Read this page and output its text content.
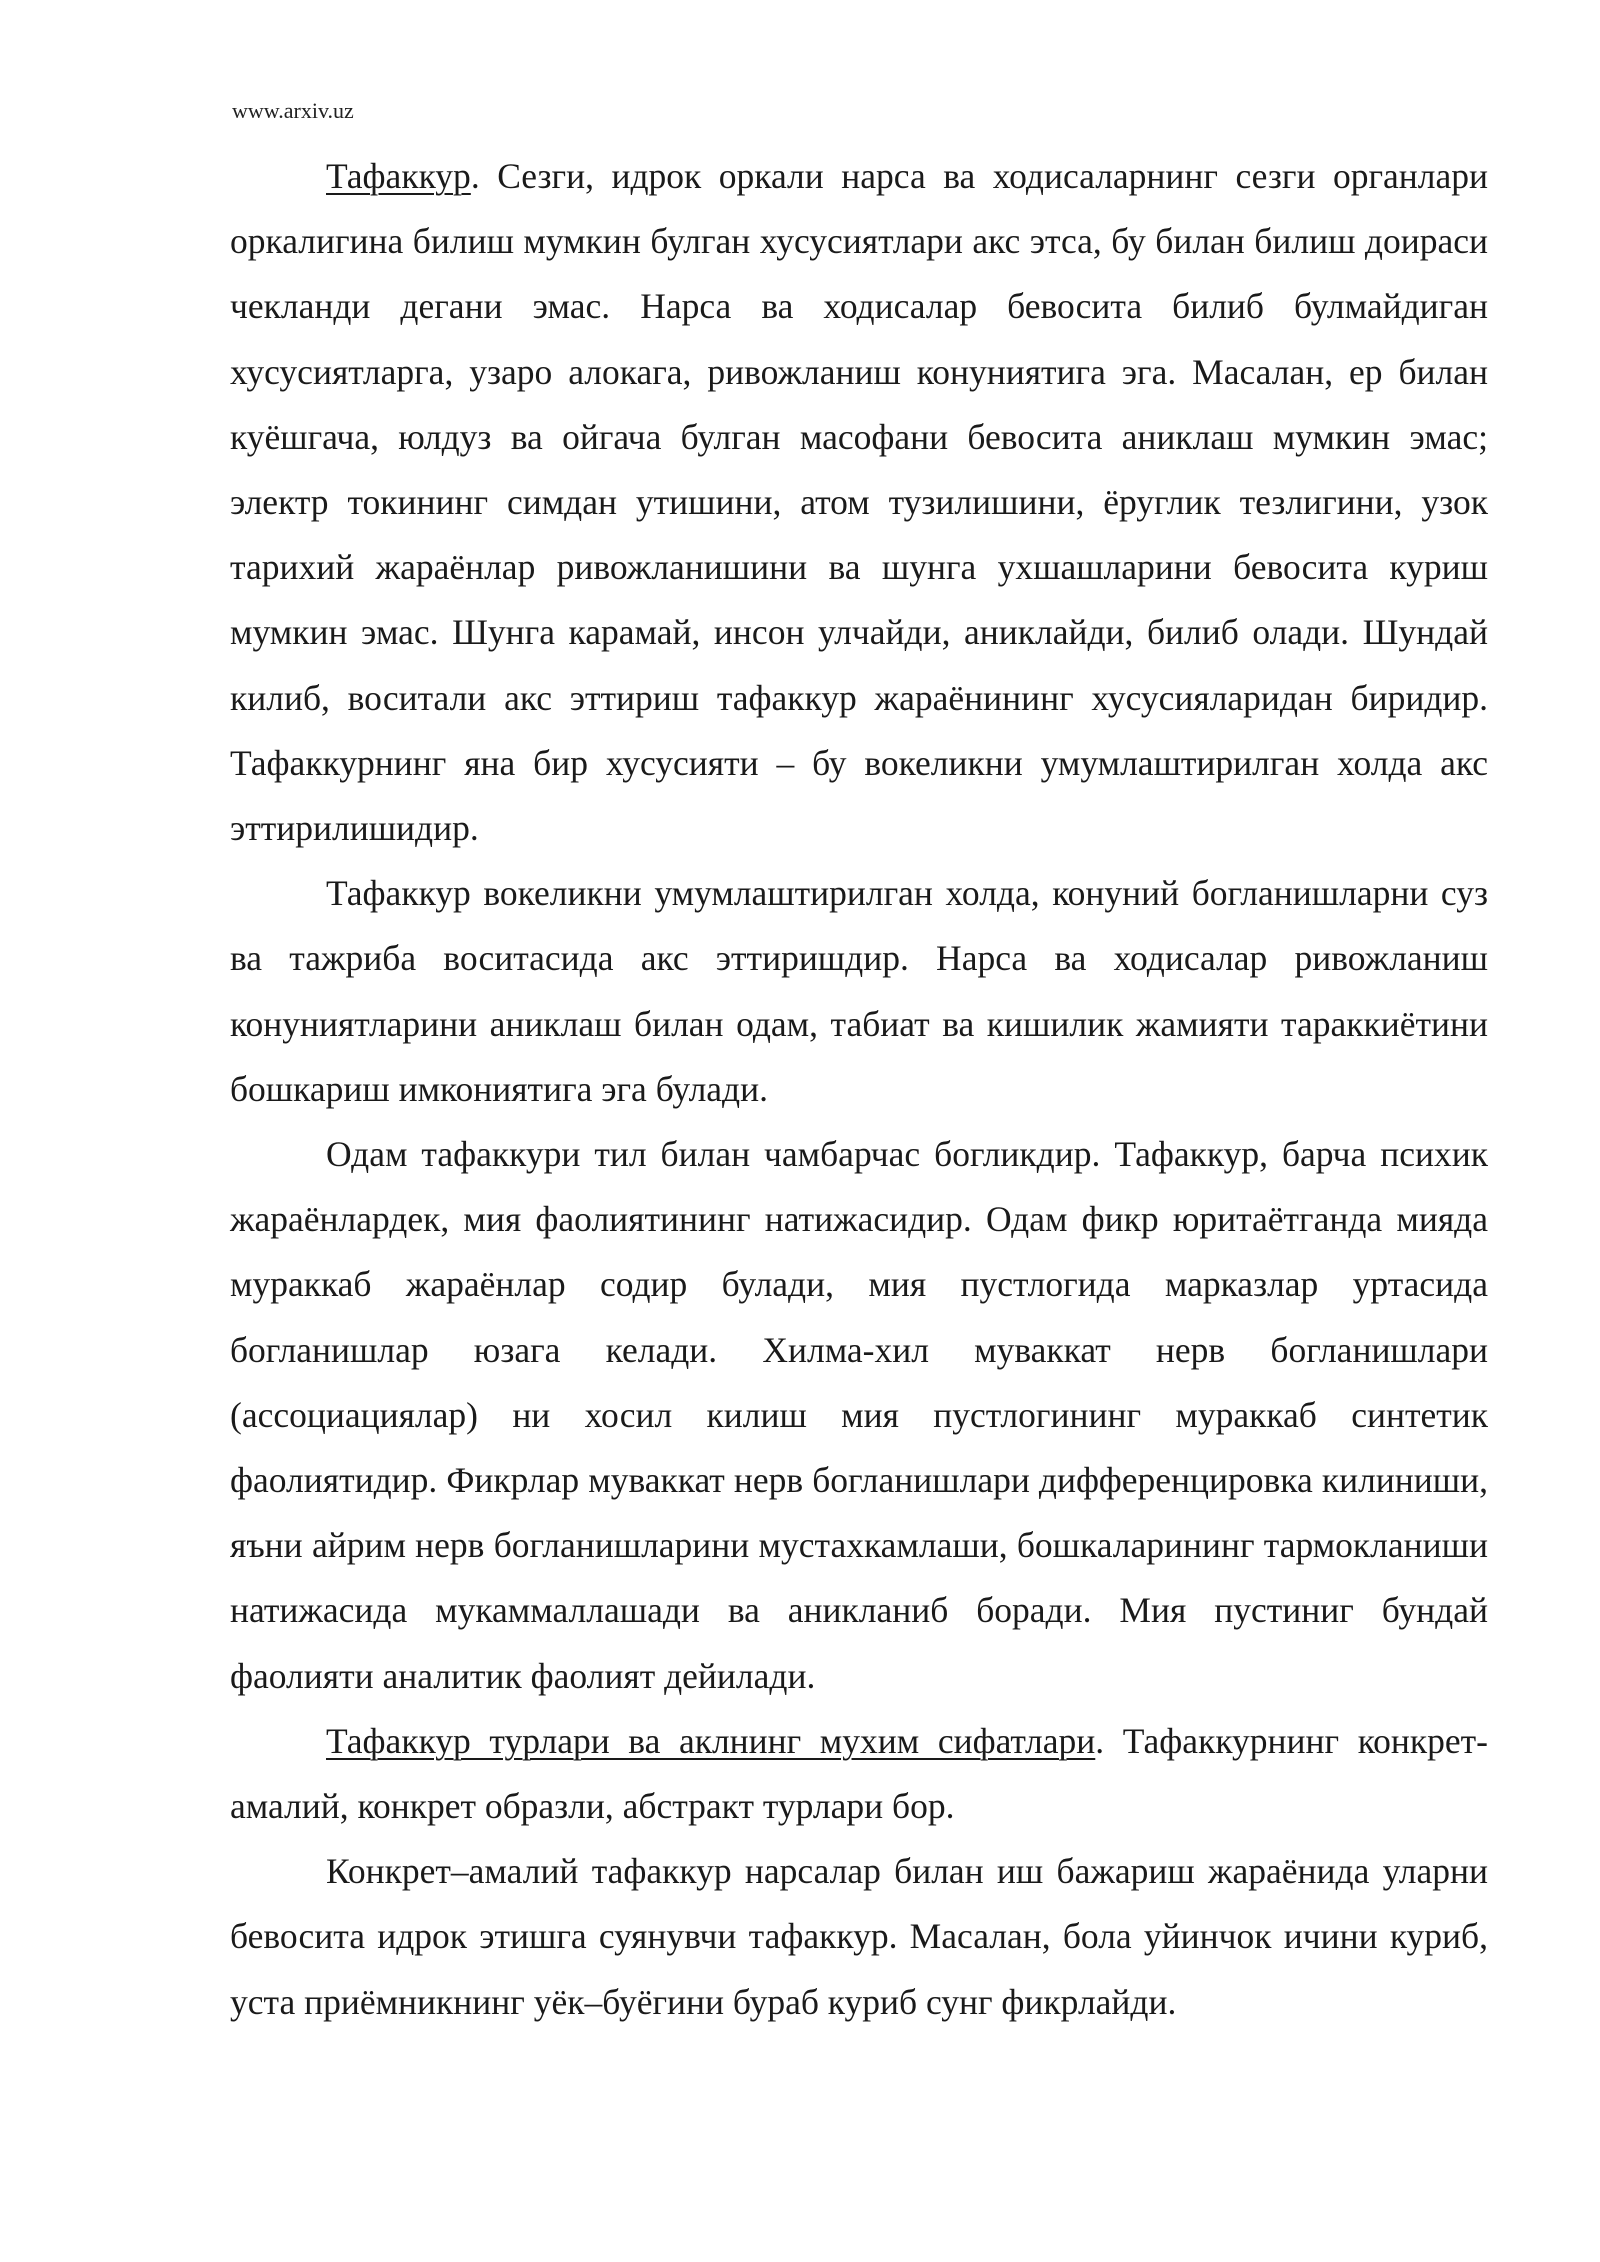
www.arxiv.uz

Тафаккур. Сезги, идрок оркали нарса ва ходисаларнинг сезги органлари оркалигина билиш мумкин булган хусусиятлари акс этса, бу билан билиш доираси чекланди дегани эмас. Нарса ва ходисалар бевосита билиб булмайдиган хусусиятларга, узаро алокага, ривожланиш конуниятига эга. Масалан, ер билан куёшгача, юлдуз ва ойгача булган масофани бевосита аниклаш мумкин эмас; электр токининг симдан утишини, атом тузилишини, ёруглик тезлигини, узок тарихий жараёнлар ривожланишини ва шунга ухшашларини бевосита куриш мумкин эмас. Шунга карамай, инсон улчайди, аниклайди, билиб олади. Шундай килиб, воситали акс эттириш тафаккур жараёнининг хусусияларидан биридир. Тафаккурнинг яна бир хусусияти – бу вокеликни умумлаштирилган холда акс эттирилишидир.

Тафаккур вокеликни умумлаштирилган холда, конуний богланишларни суз ва тажриба воситасида акс эттиришдир. Нарса ва ходисалар ривожланиш конуниятларини аниклаш билан одам, табиат ва кишилик жамияти тараккиётини бошкариш имкониятига эга булади.

Одам тафаккури тил билан чамбарчас богликдир. Тафаккур, барча психик жараёнлардек, мия фаолиятининг натижасидир. Одам фикр юритаётганда мияда мураккаб жараёнлар содир булади, мия пустлогида марказлар уртасида богланишлар юзага келади. Хилма-хил муваккат нерв богланишлари (ассоциациялар) ни хосил килиш мия пустлогининг мураккаб синтетик фаолиятидир. Фикрлар муваккат нерв богланишлари дифференцировка килиниши, яъни айрим нерв богланишларини мустахкамлаши, бошкаларининг тармокланиши натижасида мукаммаллашади ва аникланиб боради. Мия пустиниг бундай фаолияти аналитик фаолият дейилади.

Тафаккур турлари ва аклнинг мухим сифатлари. Тафаккурнинг конкрет-амалий, конкрет образли, абстракт турлари бор.

Конкрет–амалий тафаккур нарсалар билан иш бажариш жараёнида уларни бевосита идрок этишга суянувчи тафаккур. Масалан, бола уйинчок ичини куриб, уста приёмникнинг уёк–буёгини бураб куриб сунг фикрлайди.
